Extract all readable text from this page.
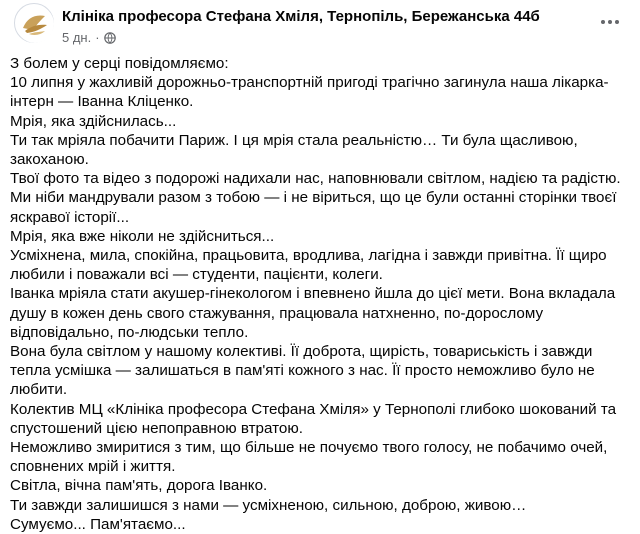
Клініка професора Стефана Хміля, Тернопіль, Бережанська 44б
5 дн. ·

З болем у серці повідомляємо:

10 липня у жахливій дорожньо-транспортній пригоді трагічно загинула наша лікарка-інтерн — Іванна Кліценко.

Мрія, яка здійснилась...

Ти так мріяла побачити Париж. І ця мрія стала реальністю… Ти була щасливою, закоханою.

Твої фото та відео з подорожі надихали нас, наповнювали світлом, надією та радістю. Ми ніби мандрували разом з тобою — і не віриться, що це були останні сторінки твоєї яскравої історії...

Мрія, яка вже ніколи не здійсниться...

Усміхнена, мила, спокійна, працьовита, вродлива, лагідна і завжди привітна. Її щиро любили і поважали всі — студенти, пацієнти, колеги.

Іванка мріяла стати акушер-гінекологом і впевнено йшла до цієї мети. Вона вкладала душу в кожен день свого стажування, працювала натхненно, по-дорослому відповідально, по-людськи тепло.

Вона була світлом у нашому колективі. Її доброта, щирість, товариськість і завжди тепла усмішка — залишаться в пам'яті кожного з нас. Її просто неможливо було не любити.

Колектив МЦ «Клініка професора Стефана Хміля» у Тернополі глибоко шокований та спустошений цією непоправною втратою.

Неможливо змиритися з тим, що більше не почуємо твого голосу, не побачимо очей, сповнених мрій і життя.

Світла, вічна пам'ять, дорога Іванко.

Ти завжди залишишся з нами — усміхненою, сильною, доброю, живою…

Сумуємо... Пам'ятаємо...
